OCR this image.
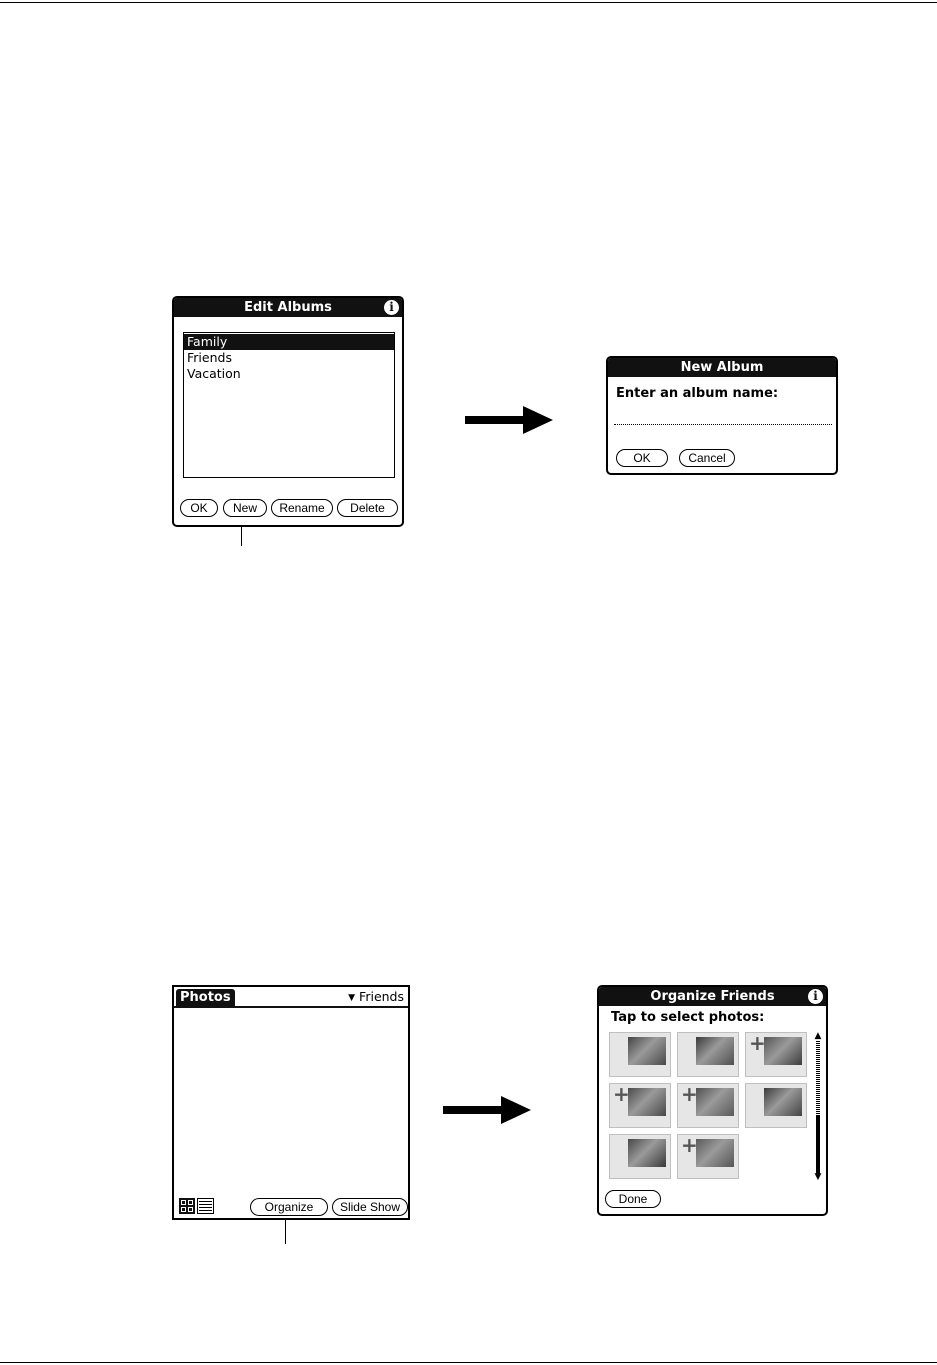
Edit Albums	i
Family
Friends
Vacation
OK	New	Rename	Delete
New Album
Enter an album name:
OK	Cancel
Photos	▼ Friends
Organize	Slide Show
Organize Friends	i
Tap to select photos:
+
+	+
+
▲
▼
Done
